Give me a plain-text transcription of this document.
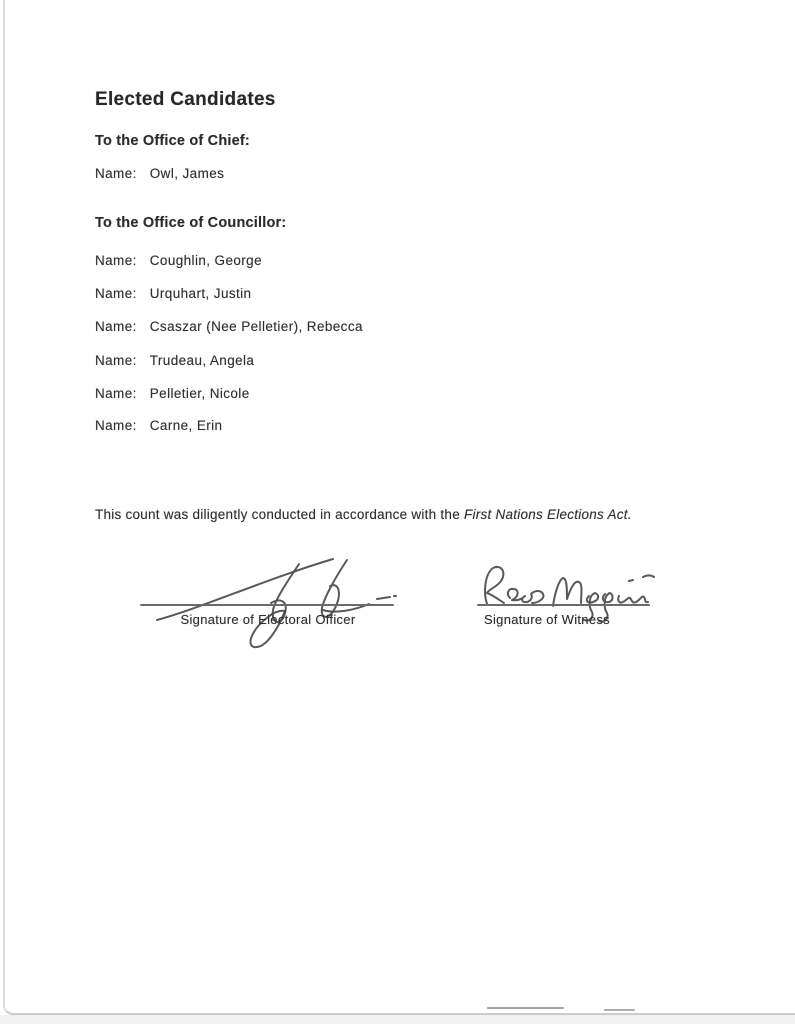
Elected Candidates
To the Office of Chief:
Name: Owl, James
To the Office of Councillor:
Name: Coughlin, George
Name: Urquhart, Justin
Name: Csaszar (Nee Pelletier), Rebecca
Name: Trudeau, Angela
Name: Pelletier, Nicole
Name: Carne, Erin

This count was diligently conducted in accordance with the First Nations Elections Act.

Signature of Electoral Officer	Signature of Witness
